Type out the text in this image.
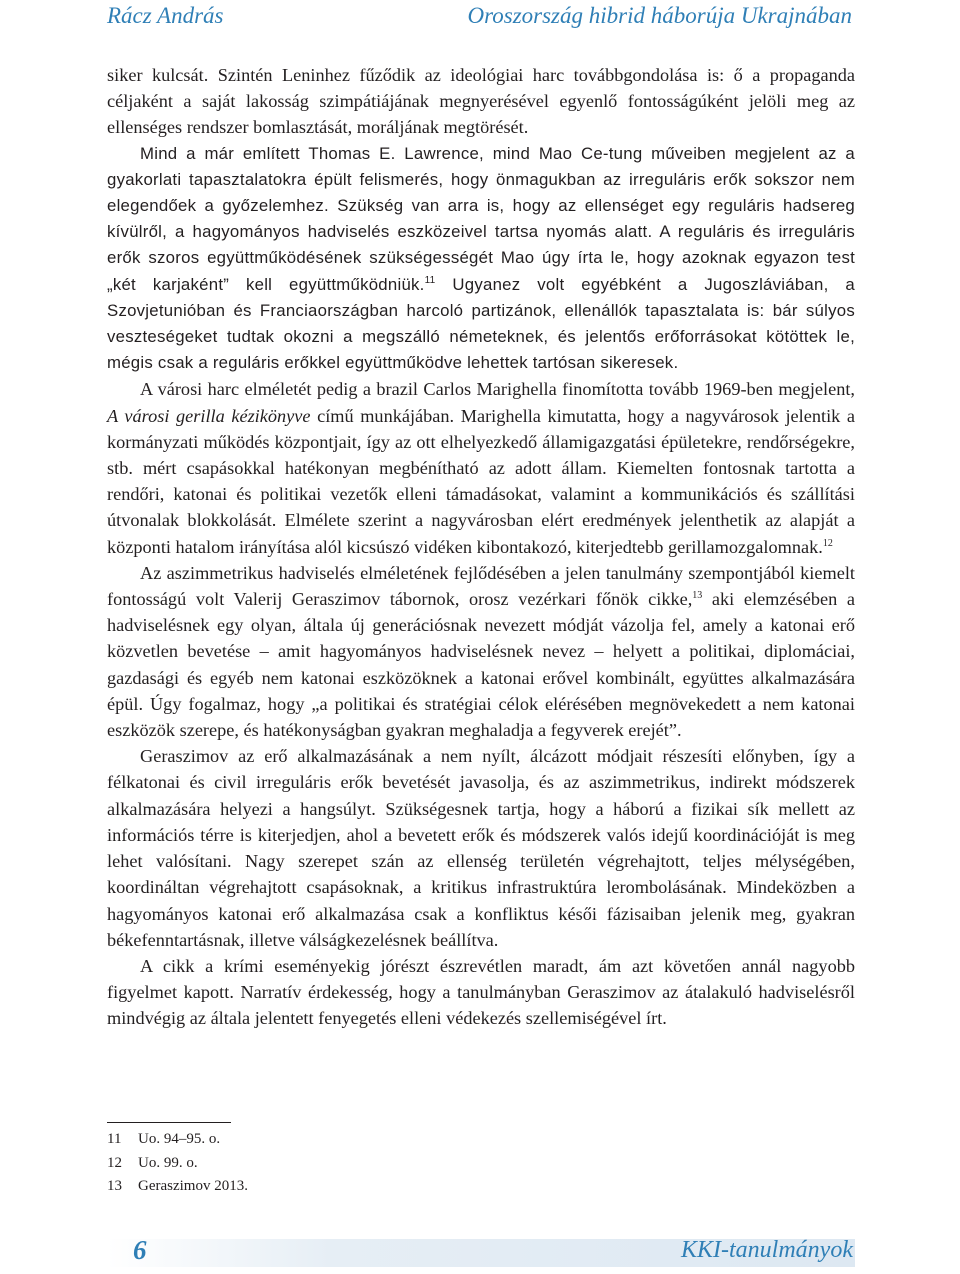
Rácz András	Oroszország hibrid háborúja Ukrajnában

siker kulcsát. Szintén Leninhez fűződik az ideológiai harc továbbgondolása is: ő a propaganda céljaként a saját lakosság szimpátiájának megnyerésével egyenlő fontosságúként jelöli meg az ellenséges rendszer bomlasztását, moráljának megtörését.

Mind a már említett Thomas E. Lawrence, mind Mao Ce-tung műveiben megjelent az a gyakorlati tapasztalatokra épült felismerés, hogy önmagukban az irreguláris erők sokszor nem elegendőek a győzelemhez. Szükség van arra is, hogy az ellenséget egy reguláris hadsereg kívülről, a hagyományos hadviselés eszközeivel tartsa nyomás alatt. A reguláris és irreguláris erők szoros együttműködésének szükségességét Mao úgy írta le, hogy azoknak egyazon test „két karjaként” kell együttműködniük.$^{11}$ Ugyanez volt egyébként a Jugoszláviában, a Szovjetunióban és Franciaországban harcoló partizánok, ellenállók tapasztalata is: bár súlyos veszteségeket tudtak okozni a megszálló németeknek, és jelentős erőforrásokat kötöttek le, mégis csak a reguláris erőkkel együttműködve lehettek tartósan sikeresek.

A városi harc elméletét pedig a brazil Carlos Marighella finomította tovább 1969-ben megjelent, A városi gerilla kézikönyve című munkájában. Marighella kimutatta, hogy a nagyvárosok jelentik a kormányzati működés központjait, így az ott elhelyezkedő államigazgatási épületekre, rendőrségekre, stb. mért csapásokkal hatékonyan megbénítható az adott állam. Kiemelten fontosnak tartotta a rendőri, katonai és politikai vezetők elleni támadásokat, valamint a kommunikációs és szállítási útvonalak blokkolását. Elmélete szerint a nagyvárosban elért eredmények jelenthetik az alapját a központi hatalom irányítása alól kicsúszó vidéken kibontakozó, kiterjedtebb gerillamozgalomnak.$^{12}$

Az aszimmetrikus hadviselés elméletének fejlődésében a jelen tanulmány szempontjából kiemelt fontosságú volt Valerij Geraszimov tábornok, orosz vezérkari főnök cikke,$^{13}$ aki elemzésében a hadviselésnek egy olyan, általa új generációsnak nevezett módját vázolja fel, amely a katonai erő közvetlen bevetése – amit hagyományos hadviselésnek nevez – helyett a politikai, diplomáciai, gazdasági és egyéb nem katonai eszközöknek a katonai erővel kombinált, együttes alkalmazására épül. Úgy fogalmaz, hogy „a politikai és stratégiai célok elérésében megnövekedett a nem katonai eszközök szerepe, és hatékonyságban gyakran meghaladja a fegyverek erejét”.

Geraszimov az erő alkalmazásának a nem nyílt, álcázott módjait részesíti előnyben, így a félkatonai és civil irreguláris erők bevetését javasolja, és az aszimmetrikus, indirekt módszerek alkalmazására helyezi a hangsúlyt. Szükségesnek tartja, hogy a háború a fizikai sík mellett az információs térre is kiterjedjen, ahol a bevetett erők és módszerek valós idejű koordinációját is meg lehet valósítani. Nagy szerepet szán az ellenség területén végrehajtott, teljes mélységében, koordináltan végrehajtott csapásoknak, a kritikus infrastruktúra lerombolásának. Mindeközben a hagyományos katonai erő alkalmazása csak a konfliktus késői fázisaiban jelenik meg, gyakran békefenntartásnak, illetve válságkezelésnek beállítva.

A cikk a krími eseményekig jórészt észrevétlen maradt, ám azt követően annál nagyobb figyelmet kapott. Narratív érdekesség, hogy a tanulmányban Geraszimov az átalakuló hadviselésről mindvégig az általa jelentett fenyegetés elleni védekezés szellemiségével írt.

11	Uo. 94–95. o.
12	Uo. 99. o.
13	Geraszimov 2013.
6	KKI-tanulmányok
